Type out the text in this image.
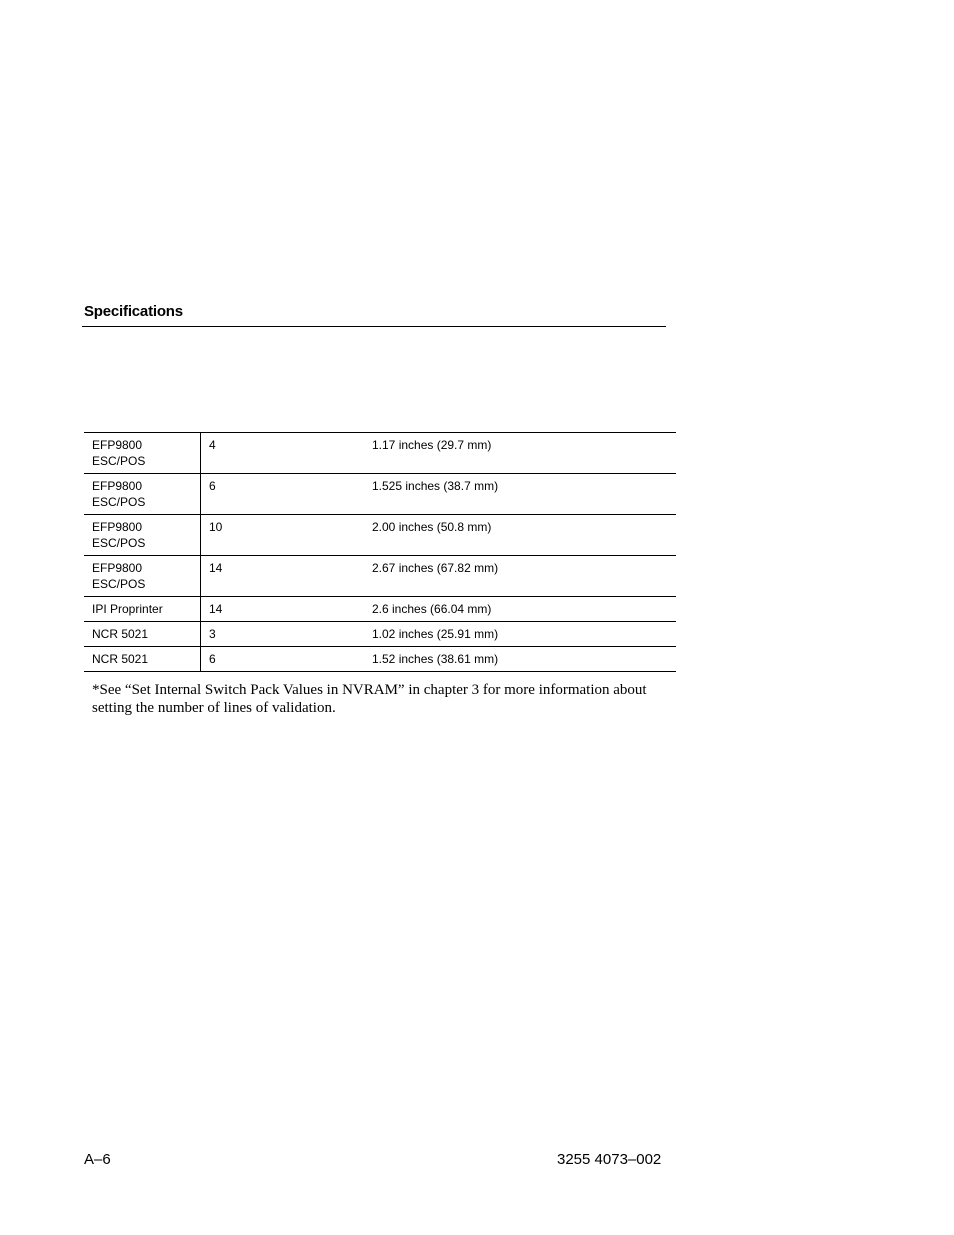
Specifications
EFP9800
ESC/POS	4	1.17 inches (29.7 mm)

EFP9800
ESC/POS	6	1.525 inches (38.7 mm)

EFP9800
ESC/POS	10	2.00 inches (50.8 mm)

EFP9800
ESC/POS	14	2.67 inches (67.82 mm)

IPI Proprinter	14	2.6 inches (66.04 mm)

NCR 5021	3	1.02 inches (25.91 mm)

NCR 5021	6	1.52 inches (38.61 mm)
*See “Set Internal Switch Pack Values in NVRAM” in chapter 3 for more information about setting the number of lines of validation.
A–6	3255 4073–002
